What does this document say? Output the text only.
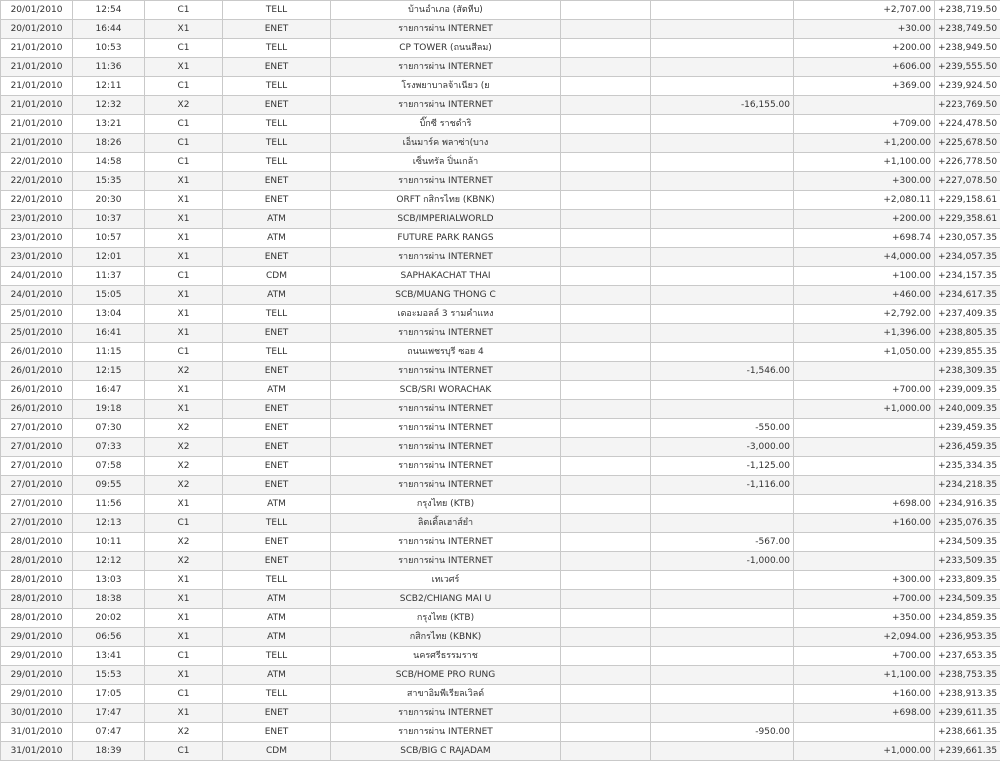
20/01/2010	12:54	C1	TELL	บ้านอำเภอ (สัตหีบ)			+2,707.00	+238,719.50
20/01/2010	16:44	X1	ENET	รายการผ่าน INTERNET			+30.00	+238,749.50
21/01/2010	10:53	C1	TELL	CP TOWER (ถนนสีลม)			+200.00	+238,949.50
21/01/2010	11:36	X1	ENET	รายการผ่าน INTERNET			+606.00	+239,555.50
21/01/2010	12:11	C1	TELL	โรงพยาบาลจ้าเนียว (ย			+369.00	+239,924.50
21/01/2010	12:32	X2	ENET	รายการผ่าน INTERNET		-16,155.00		+223,769.50
21/01/2010	13:21	C1	TELL	บิ๊กซี ราชดำริ			+709.00	+224,478.50
21/01/2010	18:26	C1	TELL	เอ็นมาร์ค พลาซ่า(บาง			+1,200.00	+225,678.50
22/01/2010	14:58	C1	TELL	เซ็นทรัล ปิ่นเกล้า			+1,100.00	+226,778.50
22/01/2010	15:35	X1	ENET	รายการผ่าน INTERNET			+300.00	+227,078.50
22/01/2010	20:30	X1	ENET	ORFT กสิกรไทย (KBNK)			+2,080.11	+229,158.61
23/01/2010	10:37	X1	ATM	SCB/IMPERIALWORLD			+200.00	+229,358.61
23/01/2010	10:57	X1	ATM	FUTURE PARK RANGS			+698.74	+230,057.35
23/01/2010	12:01	X1	ENET	รายการผ่าน INTERNET			+4,000.00	+234,057.35
24/01/2010	11:37	C1	CDM	SAPHAKACHAT THAI			+100.00	+234,157.35
24/01/2010	15:05	X1	ATM	SCB/MUANG THONG C			+460.00	+234,617.35
25/01/2010	13:04	X1	TELL	เดอะมอลล์ 3 รามคำแหง			+2,792.00	+237,409.35
25/01/2010	16:41	X1	ENET	รายการผ่าน INTERNET			+1,396.00	+238,805.35
26/01/2010	11:15	C1	TELL	ถนนเพชรบุรี ซอย 4			+1,050.00	+239,855.35
26/01/2010	12:15	X2	ENET	รายการผ่าน INTERNET		-1,546.00		+238,309.35
26/01/2010	16:47	X1	ATM	SCB/SRI WORACHAK			+700.00	+239,009.35
26/01/2010	19:18	X1	ENET	รายการผ่าน INTERNET			+1,000.00	+240,009.35
27/01/2010	07:30	X2	ENET	รายการผ่าน INTERNET		-550.00		+239,459.35
27/01/2010	07:33	X2	ENET	รายการผ่าน INTERNET		-3,000.00		+236,459.35
27/01/2010	07:58	X2	ENET	รายการผ่าน INTERNET		-1,125.00		+235,334.35
27/01/2010	09:55	X2	ENET	รายการผ่าน INTERNET		-1,116.00		+234,218.35
27/01/2010	11:56	X1	ATM	กรุงไทย (KTB)			+698.00	+234,916.35
27/01/2010	12:13	C1	TELL	ลิตเติ้ลเฮาส์ยำ			+160.00	+235,076.35
28/01/2010	10:11	X2	ENET	รายการผ่าน INTERNET		-567.00		+234,509.35
28/01/2010	12:12	X2	ENET	รายการผ่าน INTERNET		-1,000.00		+233,509.35
28/01/2010	13:03	X1	TELL	เทเวศร์			+300.00	+233,809.35
28/01/2010	18:38	X1	ATM	SCB2/CHIANG MAI U			+700.00	+234,509.35
28/01/2010	20:02	X1	ATM	กรุงไทย (KTB)			+350.00	+234,859.35
29/01/2010	06:56	X1	ATM	กสิกรไทย (KBNK)			+2,094.00	+236,953.35
29/01/2010	13:41	C1	TELL	นครศรีธรรมราช			+700.00	+237,653.35
29/01/2010	15:53	X1	ATM	SCB/HOME PRO RUNG			+1,100.00	+238,753.35
29/01/2010	17:05	C1	TELL	สาขาอิมพีเรียลเวิลด์			+160.00	+238,913.35
30/01/2010	17:47	X1	ENET	รายการผ่าน INTERNET			+698.00	+239,611.35
31/01/2010	07:47	X2	ENET	รายการผ่าน INTERNET		-950.00		+238,661.35
31/01/2010	18:39	C1	CDM	SCB/BIG C RAJADAM			+1,000.00	+239,661.35
